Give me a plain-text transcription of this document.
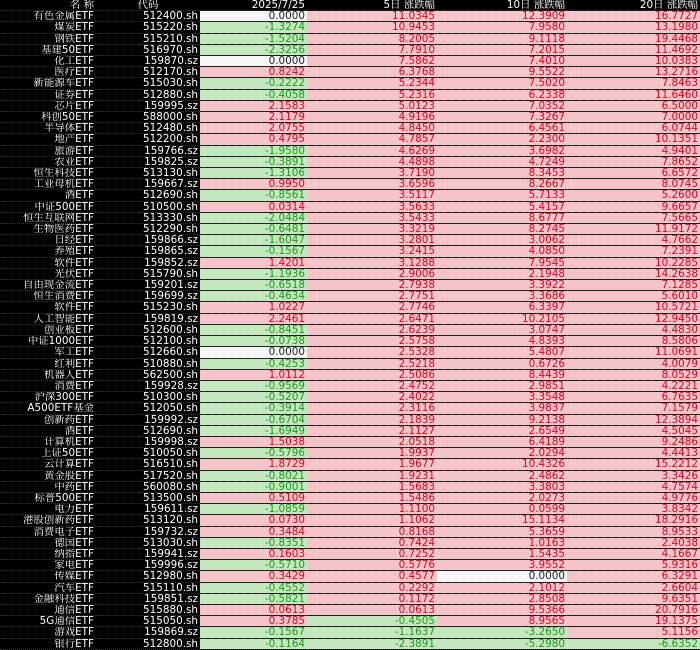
名 称	代码	2025/7/25	5日 涨跌幅	10日 涨跌幅	20日 涨跌幅
有色金属ETF	512400.sh	0.0000	11.0345	12.3909	16.7727
煤炭ETF	515220.sh	-1.3274	10.9453	7.9580	13.1980
钢铁ETF	515210.sh	-1.5204	8.2005	9.1118	19.4468
基建50ETF	516970.sh	-2.3256	7.7910	7.2015	11.4692
化工ETF	159870.sz	0.0000	7.5862	7.4010	10.0383
医疗ETF	512170.sh	0.8242	6.3768	9.5522	13.2716
新能源车ETF	515030.sh	-0.2222	5.2344	7.5020	7.8463
证券ETF	512880.sh	-0.4058	5.2316	6.2338	11.6460
芯片ETF	159995.sz	2.1583	5.0123	7.0352	6.5000
科创50ETF	588000.sh	2.1179	4.9196	7.3267	7.0000
半导体ETF	512480.sh	2.0755	4.8450	6.4561	6.0744
地产ETF	512200.sh	0.4795	4.7857	2.2300	10.1351
旅游ETF	159766.sz	-1.9580	4.6269	3.6982	4.9401
农业ETF	159825.sz	-0.3891	4.4898	4.7249	7.8652
恒生科技ETF	513130.sh	-1.3106	3.7190	8.3453	6.6572
工业母机ETF	159667.sz	0.9950	3.6596	8.2667	8.0745
酒ETF	512690.sh	-0.8561	3.5117	5.7133	5.2600
中证500ETF	510500.sh	0.0314	3.5633	5.4157	9.6657
恒生互联网ETF	513330.sh	-2.0484	3.5433	8.6777	7.5665
生物医药ETF	512290.sh	-0.6481	3.3219	8.2745	11.9172
日经ETF	159866.sz	-1.6047	3.2801	3.0062	4.7662
养殖ETF	159865.sz	-0.1567	3.2415	4.0850	7.2391
软件ETF	159852.sz	1.4201	3.1288	7.9545	10.2285
光伏ETF	515790.sh	-1.1936	2.9006	2.1948	14.2638
自由现金流ETF	159201.sz	-0.6518	2.7938	3.3922	7.1285
恒生消费ETF	159699.sz	-0.4634	2.7751	3.3686	5.6010
软件ETF	515230.sh	1.0227	2.7746	6.3397	10.5721
人工智能ETF	159819.sz	2.2461	2.6471	10.2105	12.9450
创业板ETF	512600.sh	-0.8451	2.6239	3.0747	4.4830
中证1000ETF	512100.sh	-0.0738	2.5758	4.8393	8.5806
军工ETF	512660.sh	0.0000	2.5328	5.4807	11.0691
红利ETF	510880.sh	-0.4253	2.5218	0.6726	4.0079
机器人ETF	562500.sh	1.0112	2.5086	8.4439	8.0529
消费ETF	159928.sz	-0.9569	2.4752	2.9851	4.2221
沪深300ETF	510300.sh	-0.5207	2.4022	3.3548	6.7635
A500ETF基金	512050.sh	-0.3914	2.3116	3.9837	7.1579
创新药ETF	159992.sz	-0.6704	2.1839	9.2138	12.3894
酒ETF	512690.sh	-1.6949	2.1127	2.6549	4.5045
计算机ETF	159998.sz	1.5038	2.0518	6.4189	9.2486
上证50ETF	510050.sh	-0.5796	1.9937	2.0294	4.4413
云计算ETF	516510.sh	1.8729	1.9677	10.4326	15.2212
黄金股ETF	517520.sh	-0.8021	1.9231	2.4862	3.3426
中药ETF	560080.sh	-0.9001	1.5683	3.3803	4.7574
标普500ETF	513500.sh	0.5109	1.5486	2.0273	4.9776
电力ETF	159611.sz	-1.0859	1.1100	0.0599	3.8342
港股创新药ETF	513120.sh	0.0730	1.1062	15.1134	18.2916
消费电子ETF	159732.sz	0.3484	0.8168	5.3659	8.9533
德国ETF	513030.sh	-0.8351	0.7424	1.0163	2.4038
纳指ETF	159941.sz	0.1603	0.7252	1.5435	4.1667
家电ETF	159996.sz	-0.5710	0.5776	3.9552	5.9316
传媒ETF	512980.sh	0.3429	0.4577	0.0000	6.3291
汽车ETF	515110.sh	-0.4552	0.2292	2.1012	2.6604
金融科技ETF	159851.sz	-0.5821	0.1172	2.8508	9.6351
通信ETF	515880.sh	0.0613	0.0613	9.5366	20.7916
5G通信ETF	515050.sh	0.3785	-0.4505	8.9565	19.1375
游戏ETF	159869.sz	-0.1567	-1.1637	-3.2650	5.1156
银行ETF	512800.sh	-0.1164	-2.3891	-5.2980	-6.6352
